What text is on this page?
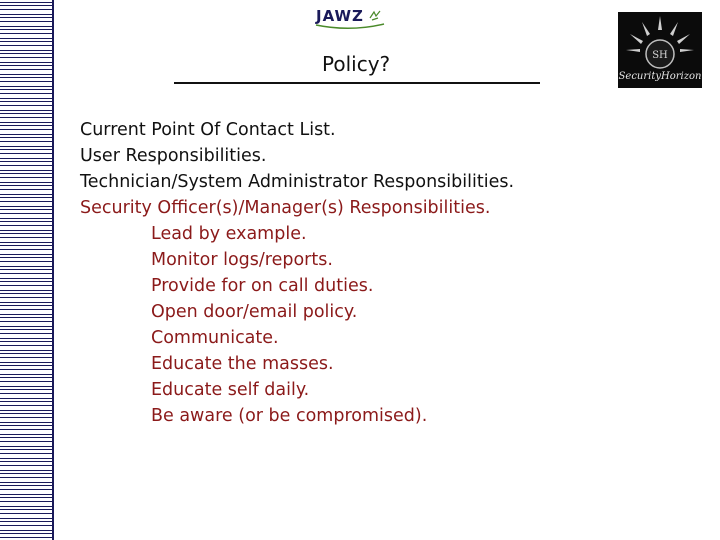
JAWZ
SH
SecurityHorizon
Policy?
Current Point Of Contact List.
User Responsibilities.
Technician/System Administrator Responsibilities.
Security Officer(s)/Manager(s) Responsibilities.
Lead by example.
Monitor logs/reports.
Provide for on call duties.
Open door/email policy.
Communicate.
Educate the masses.
Educate self daily.
Be aware (or be compromised).
